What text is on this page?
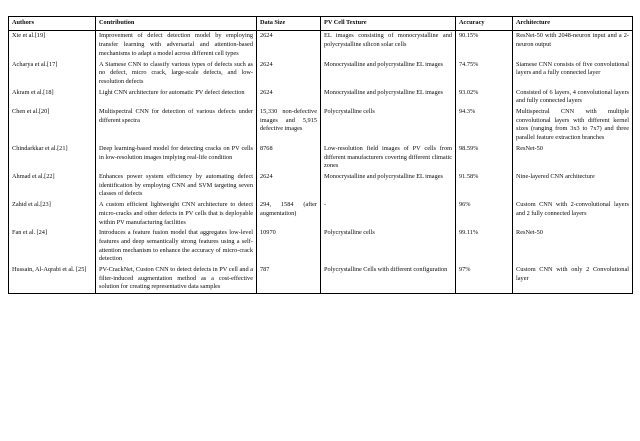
Authors	Contribution	Data Size	PV Cell Texture	Accuracy	Architecture
Xie et al.[19]	Improvement of defect detection model by employing transfer learning with adversarial and attention-based mechanisms to adapt a model across different cell types	2624	EL images consisting of monocrystalline and polycrystalline silicon solar cells	90.15%	ResNet-50 with 2048-neuron input and a 2-neuron output
Acharya et al.[17]	A Siamese CNN to classify various types of defects such as no defect, micro crack, large-scale defects, and low-resolution defects	2624	Monocrystalline and polycrystalline EL images	74.75%	Siamese CNN consists of five convolutional layers and a fully connected layer
Akram et al.[18]	Light CNN architecture for automatic PV defect detection	2624	Monocrystalline and polycrystalline EL images	93.02%	Consisted of 6 layers, 4 convolutional layers and fully connected layers
Chen et al.[20]	Multispectral CNN for detection of various defects under different spectra	15,330 non-defective images and 5,915 defective images	Polycrystalline cells	94.3%	Multispectral CNN with multiple convolutional layers with different kernel sizes (ranging from 3x3 to 7x7) and three parallel feature extraction branches
Chindarkkar et al.[21]	Deep learning-based model for detecting cracks on PV cells in low-resolution images implying real-life condition	8768	Low-resolution field images of PV cells from different manufacturers covering different climatic zones	98.59%	ResNet-50
Ahmad et al.[22]	Enhances power system efficiency by automating defect identification by employing CNN and SVM targeting seven classes of defects	2624	Monocrystalline and polycrystalline EL images	91.58%	Nine-layered CNN architecture
Zahid et al.[23]	A custom efficient lightweight CNN architecture to detect micro-cracks and other defects in PV cells that is deployable within PV manufacturing facilities	294, 1584 (after augmentation)	-	96%	Custom CNN with 2-convolutional layers and 2 fully connected layers
Fan et al. [24]	Introduces a feature fusion model that aggregates low-level features and deep semantically strong features using a self-attention mechanism to enhance the accuracy of micro-crack detection	10970	Polycrystalline cells	99.11%	ResNet-50
Hussain, Al-Aqrabi et al. [25]	PV-CrackNet, Custon CNN to detect defects in PV cell and a filter-induced augmentation method as a cost-effective solution for creating representative data samples	787	Polycrystalline Cells with different configuration	97%	Custom CNN with only 2 Convolutional layer
